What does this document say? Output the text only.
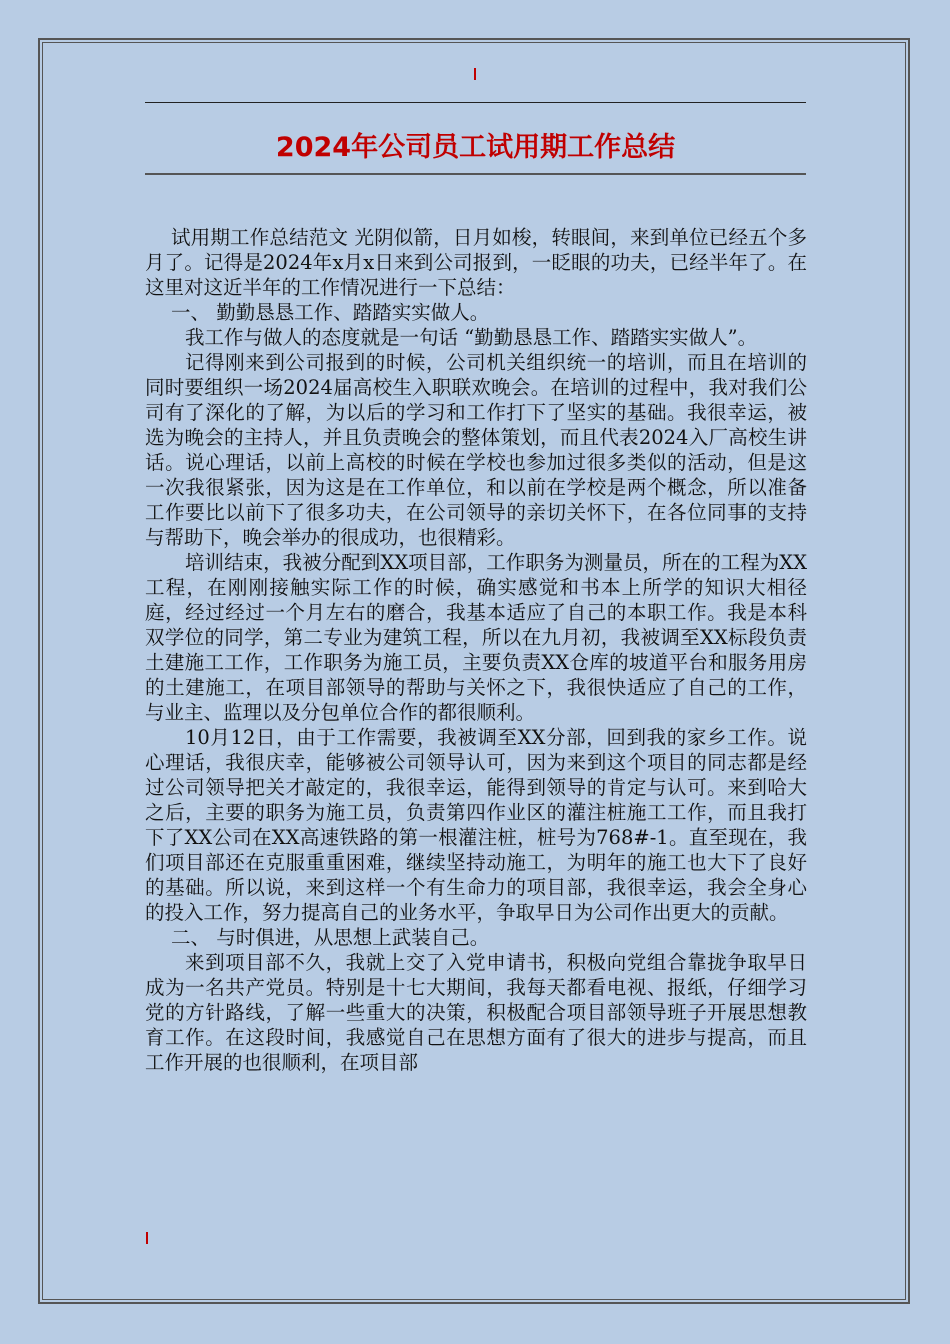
2024年公司员工试用期工作总结

试用期工作总结范文 光阴似箭，日月如梭，转眼间，来到单位已经五个多月了。记得是2024年x月x日来到公司报到，一眨眼的功夫，已经半年了。在这里对这近半年的工作情况进行一下总结：

一、 勤勤恳恳工作、踏踏实实做人。

我工作与做人的态度就是一句话 “勤勤恳恳工作、踏踏实实做人”。

记得刚来到公司报到的时候，公司机关组织统一的培训，而且在培训的同时要组织一场2024届高校生入职联欢晚会。在培训的过程中，我对我们公司有了深化的了解，为以后的学习和工作打下了坚实的基础。我很幸运，被选为晚会的主持人，并且负责晚会的整体策划，而且代表2024入厂高校生讲话。说心理话，以前上高校的时候在学校也参加过很多类似的活动，但是这一次我很紧张，因为这是在工作单位，和以前在学校是两个概念，所以准备工作要比以前下了很多功夫，在公司领导的亲切关怀下，在各位同事的支持与帮助下，晚会举办的很成功，也很精彩。

培训结束，我被分配到XX项目部，工作职务为测量员，所在的工程为XX工程，在刚刚接触实际工作的时候，确实感觉和书本上所学的知识大相径庭，经过经过一个月左右的磨合，我基本适应了自己的本职工作。我是本科双学位的同学，第二专业为建筑工程，所以在九月初，我被调至XX标段负责土建施工工作，工作职务为施工员，主要负责XX仓库的坡道平台和服务用房的土建施工，在项目部领导的帮助与关怀之下，我很快适应了自己的工作，与业主、监理以及分包单位合作的都很顺利。

10月12日，由于工作需要，我被调至XX分部，回到我的家乡工作。说心理话，我很庆幸，能够被公司领导认可，因为来到这个项目的同志都是经过公司领导把关才敲定的，我很幸运，能得到领导的肯定与认可。来到哈大之后，主要的职务为施工员，负责第四作业区的灌注桩施工工作，而且我打下了XX公司在XX高速铁路的第一根灌注桩，桩号为768#-1。直至现在，我们项目部还在克服重重困难，继续坚持动施工，为明年的施工也大下了良好的基础。所以说，来到这样一个有生命力的项目部，我很幸运，我会全身心的投入工作，努力提高自己的业务水平，争取早日为公司作出更大的贡献。

二、 与时俱进，从思想上武装自己。

来到项目部不久，我就上交了入党申请书，积极向党组合靠拢争取早日成为一名共产党员。特别是十七大期间，我每天都看电视、报纸，仔细学习党的方针路线，了解一些重大的决策，积极配合项目部领导班子开展思想教育工作。在这段时间，我感觉自己在思想方面有了很大的进步与提高，而且工作开展的也很顺利，在项目部
